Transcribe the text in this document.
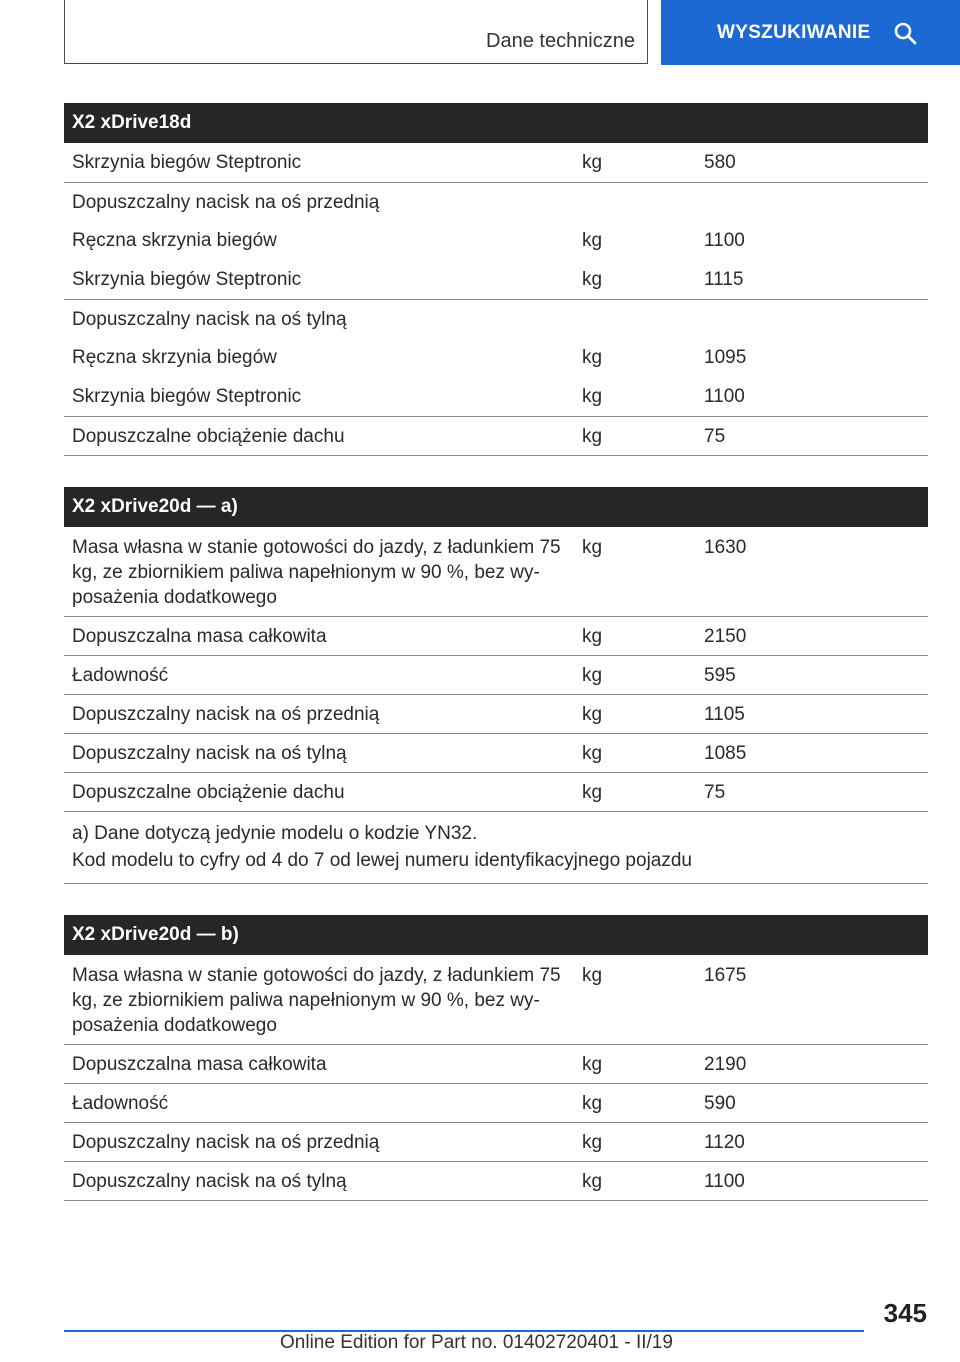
Dane techniczne	WYSZUKIWANIE
X2 xDrive18d		
Skrzynia biegów Steptronic	kg	580
Dopuszczalny nacisk na oś przednią		
Ręczna skrzynia biegów	kg	1100
Skrzynia biegów Steptronic	kg	1115
Dopuszczalny nacisk na oś tylną		
Ręczna skrzynia biegów	kg	1095
Skrzynia biegów Steptronic	kg	1100
Dopuszczalne obciążenie dachu	kg	75
X2 xDrive20d — a)		
Masa własna w stanie gotowości do jazdy, z ładunkiem 75 kg, ze zbiornikiem paliwa napełnionym w 90 %, bez wyposażenia dodatkowego	kg	1630
Dopuszczalna masa całkowita	kg	2150
Ładowność	kg	595
Dopuszczalny nacisk na oś przednią	kg	1105
Dopuszczalny nacisk na oś tylną	kg	1085
Dopuszczalne obciążenie dachu	kg	75

a) Dane dotyczą jedynie modelu o kodzie YN32.
Kod modelu to cyfry od 4 do 7 od lewej numeru identyfikacyjnego pojazdu		
X2 xDrive20d — b)		
Masa własna w stanie gotowości do jazdy, z ładunkiem 75 kg, ze zbiornikiem paliwa napełnionym w 90 %, bez wyposażenia dodatkowego	kg	1675
Dopuszczalna masa całkowita	kg	2190
Ładowność	kg	590
Dopuszczalny nacisk na oś przednią	kg	1120
Dopuszczalny nacisk na oś tylną	kg	1100
345
Online Edition for Part no. 01402720401 - II/19
